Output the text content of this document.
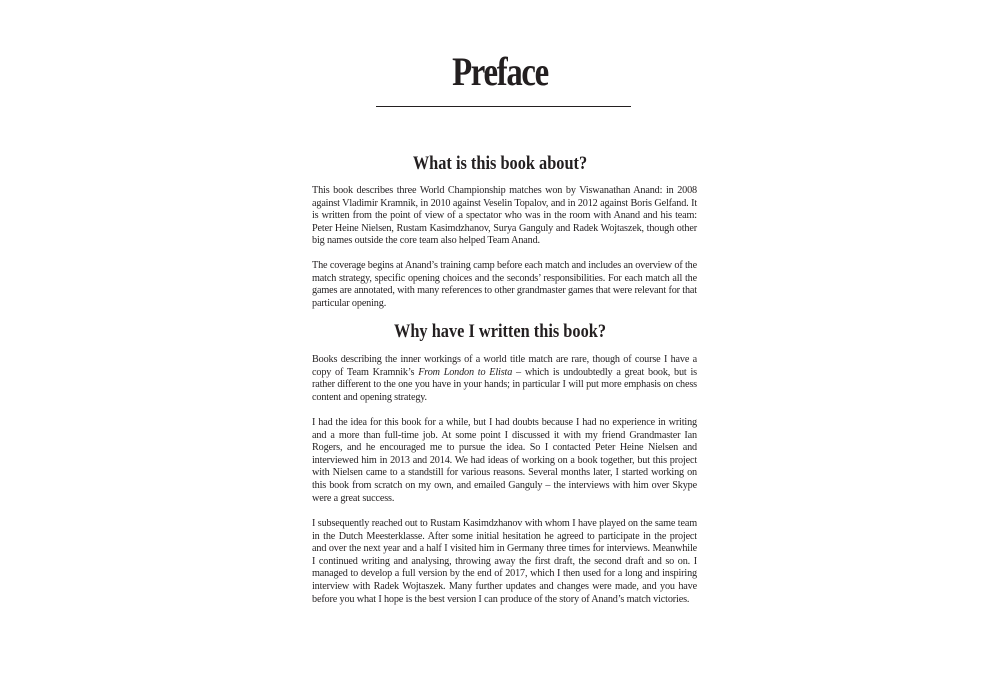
Preface
What is this book about?

This book describes three World Championship matches won by Viswanathan Anand: in 2008 against Vladimir Kramnik, in 2010 against Veselin Topalov, and in 2012 against Boris Gelfand. It is written from the point of view of a spectator who was in the room with Anand and his team: Peter Heine Nielsen, Rustam Kasimdzhanov, Surya Ganguly and Radek Wojtaszek, though other big names outside the core team also helped Team Anand.

The coverage begins at Anand’s training camp before each match and includes an overview of the match strategy, specific opening choices and the seconds’ responsibilities. For each match all the games are annotated, with many references to other grandmaster games that were relevant for that particular opening.

Why have I written this book?

Books describing the inner workings of a world title match are rare, though of course I have a copy of Team Kramnik’s From London to Elista – which is undoubtedly a great book, but is rather different to the one you have in your hands; in particular I will put more emphasis on chess content and opening strategy.

I had the idea for this book for a while, but I had doubts because I had no experience in writing and a more than full-time job. At some point I discussed it with my friend Grandmaster Ian Rogers, and he encouraged me to pursue the idea. So I contacted Peter Heine Nielsen and interviewed him in 2013 and 2014. We had ideas of working on a book together, but this project with Nielsen came to a standstill for various reasons. Several months later, I started working on this book from scratch on my own, and emailed Ganguly – the interviews with him over Skype were a great success.

I subsequently reached out to Rustam Kasimdzhanov with whom I have played on the same team in the Dutch Meesterklasse. After some initial hesitation he agreed to participate in the project and over the next year and a half I visited him in Germany three times for interviews. Meanwhile I continued writing and analysing, throwing away the first draft, the second draft and so on. I managed to develop a full version by the end of 2017, which I then used for a long and inspiring interview with Radek Wojtaszek. Many further updates and changes were made, and you have before you what I hope is the best version I can produce of the story of Anand’s match victories.
